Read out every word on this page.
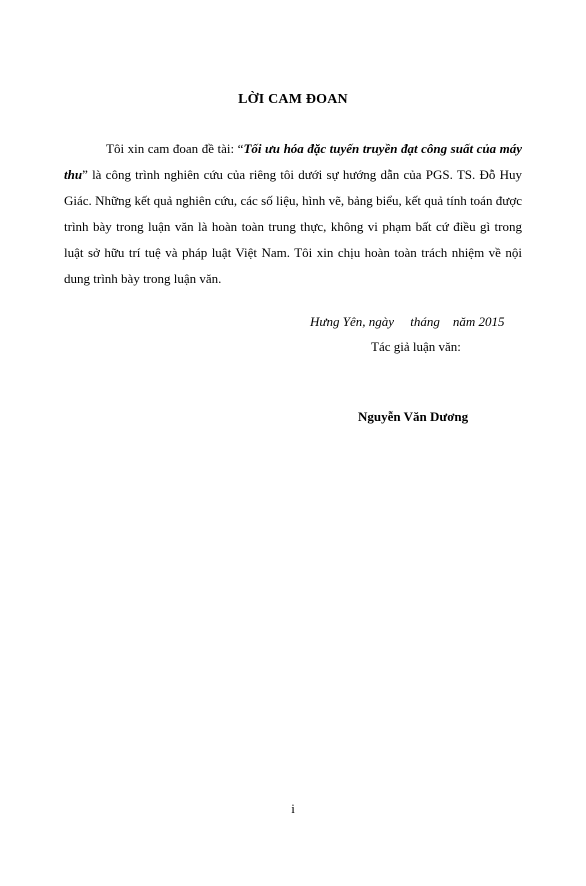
LỜI CAM ĐOAN

Tôi xin cam đoan đề tài: “Tối ưu hóa đặc tuyến truyền đạt công suất của máy thu” là công trình nghiên cứu của riêng tôi dưới sự hướng dẫn của PGS. TS. Đỗ Huy Giác. Những kết quả nghiên cứu, các số liệu, hình vẽ, bảng biểu, kết quả tính toán được trình bày trong luận văn là hoàn toàn trung thực, không vi phạm bất cứ điều gì trong luật sở hữu trí tuệ và pháp luật Việt Nam. Tôi xin chịu hoàn toàn trách nhiệm về nội dung trình bày trong luận văn.

Hưng Yên, ngày     tháng    năm 2015
Tác giả luận văn:
Nguyễn Văn Dương
i
